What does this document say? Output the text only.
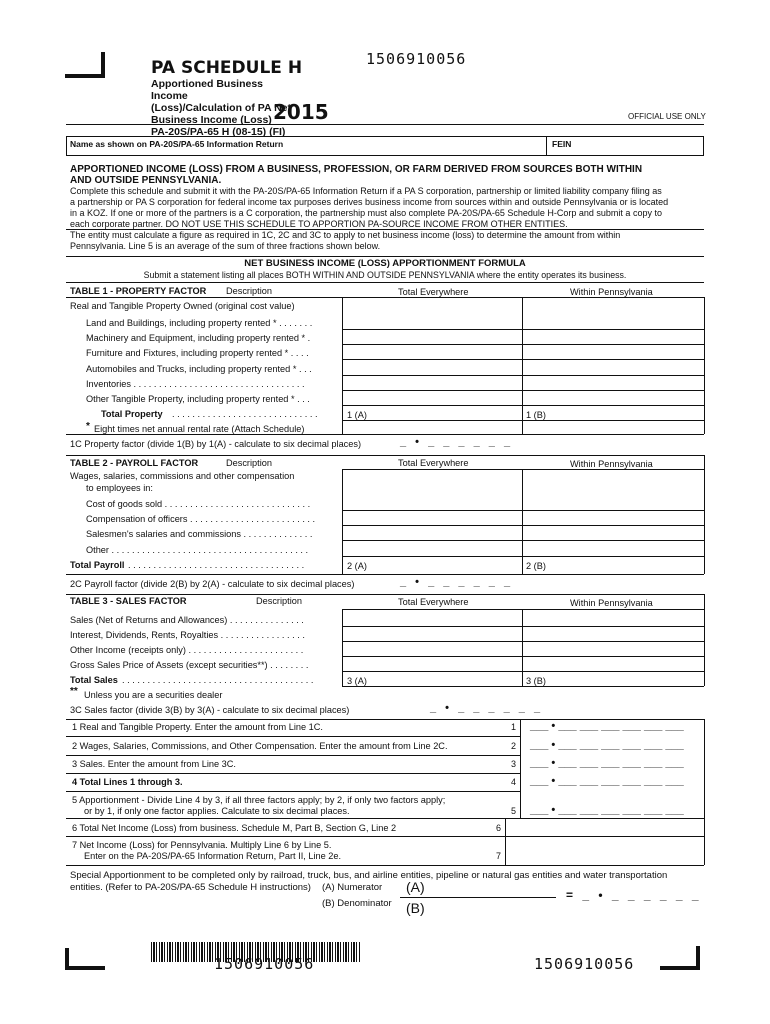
1506910056
PA SCHEDULE H
Apportioned Business Income
(Loss)/Calculation of PA Net
Business Income (Loss)
PA-20S/PA-65 H (08-15) (FI)
2015	OFFICIAL USE ONLY
Name as shown on PA-20S/PA-65 Information Return	FEIN
APPORTIONED INCOME (LOSS) FROM A BUSINESS, PROFESSION, OR FARM DERIVED FROM SOURCES BOTH WITHIN
AND OUTSIDE PENNSYLVANIA.
Complete this schedule and submit it with the PA-20S/PA-65 Information Return if a PA S corporation, partnership or limited liability company filing as
a partnership or PA S corporation for federal income tax purposes derives business income from sources within and outside Pennsylvania or is located
in a KOZ. If one or more of the partners is a C corporation, the partnership must also complete PA-20S/PA-65 Schedule H-Corp and submit a copy to
each corporate partner. DO NOT USE THIS SCHEDULE TO APPORTION PA-SOURCE INCOME FROM OTHER ENTITIES.
The entity must calculate a figure as required in 1C, 2C and 3C to apply to net business income (loss) to determine the amount from within
Pennsylvania. Line 5 is an average of the sum of three fractions shown below.
NET BUSINESS INCOME (LOSS) APPORTIONMENT FORMULA
Submit a statement listing all places BOTH WITHIN AND OUTSIDE PENNSYLVANIA where the entity operates its business.
TABLE 1 - PROPERTY FACTOR Description	Total Everywhere	Within Pennsylvania
Real and Tangible Property Owned (original cost value)
Land and Buildings, including property rented * . . . . . . .
Machinery and Equipment, including property rented * .
Furniture and Fixtures, including property rented * . . . .
Automobiles and Trucks, including property rented * . . .
Inventories . . . . . . . . . . . . . . . . . . . . . . . . . . . . . . . . . .
Other Tangible Property, including property rented * . . .
Total Property . . . . . . . . . . . . . . . . . . . . . . . . . . . . .	1 (A)	1 (B)
* Eight times net annual rental rate (Attach Schedule)
1C Property factor (divide 1(B) by 1(A) - calculate to six decimal places)	_ • _ _ _ _ _ _
TABLE 2 - PAYROLL FACTOR	Description	Total Everywhere	Within Pennsylvania
Wages, salaries, commissions and other compensation
to employees in:
Cost of goods sold . . . . . . . . . . . . . . . . . . . . . . . . . . . . .
Compensation of officers . . . . . . . . . . . . . . . . . . . . . . . . .
Salesmen's salaries and commissions . . . . . . . . . . . . . .
Other . . . . . . . . . . . . . . . . . . . . . . . . . . . . . . . . . . . . . . .
Total Payroll . . . . . . . . . . . . . . . . . . . . . . . . . . . . . . . . . . .	2 (A)	2 (B)
2C Payroll factor (divide 2(B) by 2(A) - calculate to six decimal places)	_ • _ _ _ _ _ _
TABLE 3 - SALES FACTOR	Description	Total Everywhere	Within Pennsylvania
Sales (Net of Returns and Allowances) . . . . . . . . . . . . . . .
Interest, Dividends, Rents, Royalties . . . . . . . . . . . . . . . . .
Other Income (receipts only) . . . . . . . . . . . . . . . . . . . . . . .
Gross Sales Price of Assets (except securities**) . . . . . . . .
Total Sales . . . . . . . . . . . . . . . . . . . . . . . . . . . . . . . . . . . . . .	3 (A)	3 (B)
** Unless you are a securities dealer
3C Sales factor (divide 3(B) by 3(A) - calculate to six decimal places)	_ • _ _ _ _ _ _
1 Real and Tangible Property. Enter the amount from Line 1C.	1 ___ • ___ ___ ___ ___ ___ ___
2 Wages, Salaries, Commissions, and Other Compensation. Enter the amount from Line 2C.	2 ___ • ___ ___ ___ ___ ___ ___
3 Sales. Enter the amount from Line 3C.	3 ___ • ___ ___ ___ ___ ___ ___
4 Total Lines 1 through 3.	4 ___ • ___ ___ ___ ___ ___ ___
5 Apportionment - Divide Line 4 by 3, if all three factors apply; by 2, if only two factors apply;
or by 1, if only one factor applies. Calculate to six decimal places.	5 ___ • ___ ___ ___ ___ ___ ___
6 Total Net Income (Loss) from business. Schedule M, Part B, Section G, Line 2	6
7 Net Income (Loss) for Pennsylvania. Multiply Line 6 by Line 5.
Enter on the PA-20S/PA-65 Information Return, Part II, Line 2e.	7
Special Apportionment to be completed only by railroad, truck, bus, and airline entities, pipeline or natural gas entities and water transportation
entities. (Refer to PA-20S/PA-65 Schedule H instructions) (A) Numerator
(B) Denominator
(A)
(B)
= _ • _ _ _ _ _ _
1506910056	1506910056
